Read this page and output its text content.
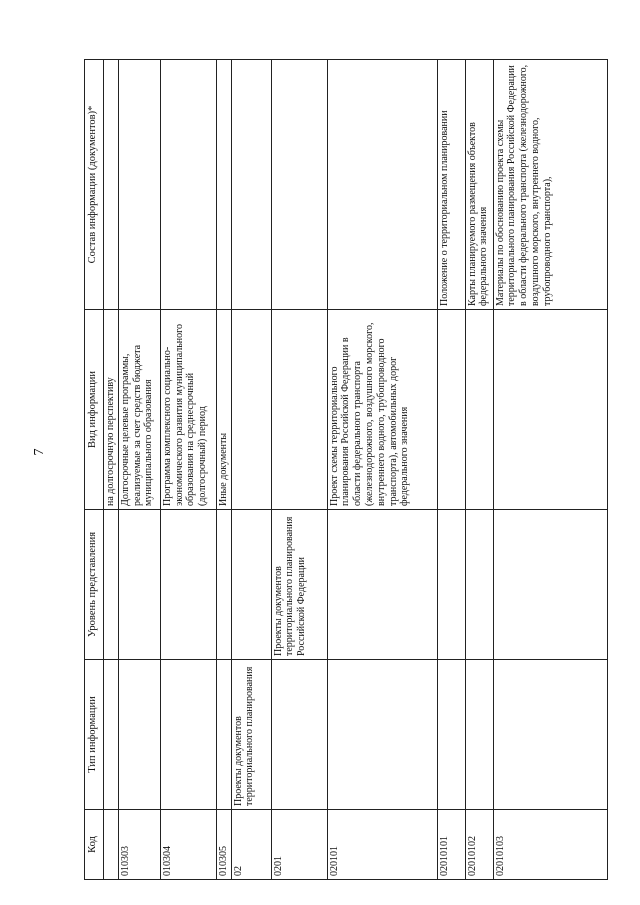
7
Код	Тип информации	Уровень представления	Вид информации	Состав информации (документов)*
			на долгосрочную перспективу	
010303			Долгосрочные целевые программы, реализуемые за счет средств бюджета муниципального образования	
010304			Программа комплексного социально-экономического развития муниципального образования на среднесрочный (долгосрочный) период	
010305			Иные документы	
02	Проекты документов территориального планирования			
0201		Проекты документов территориального планирования Российской Федерации		
020101			Проект схемы территориального планирования Российской Федерации в области федерального транспорта (железнодорожного, воздушного морского, внутреннего водного, трубопроводного транспорта), автомобильных дорог федерального значения	
02010101				Положение о территориальном планировании
02010102				Карты планируемого размещения объектов федерального значения
02010103				Материалы по обоснованию проекта схемы территориального планирования Российской Федерации в области федерального транспорта (железнодорожного, воздушного морского, внутреннего водного, трубопроводного транспорта),
